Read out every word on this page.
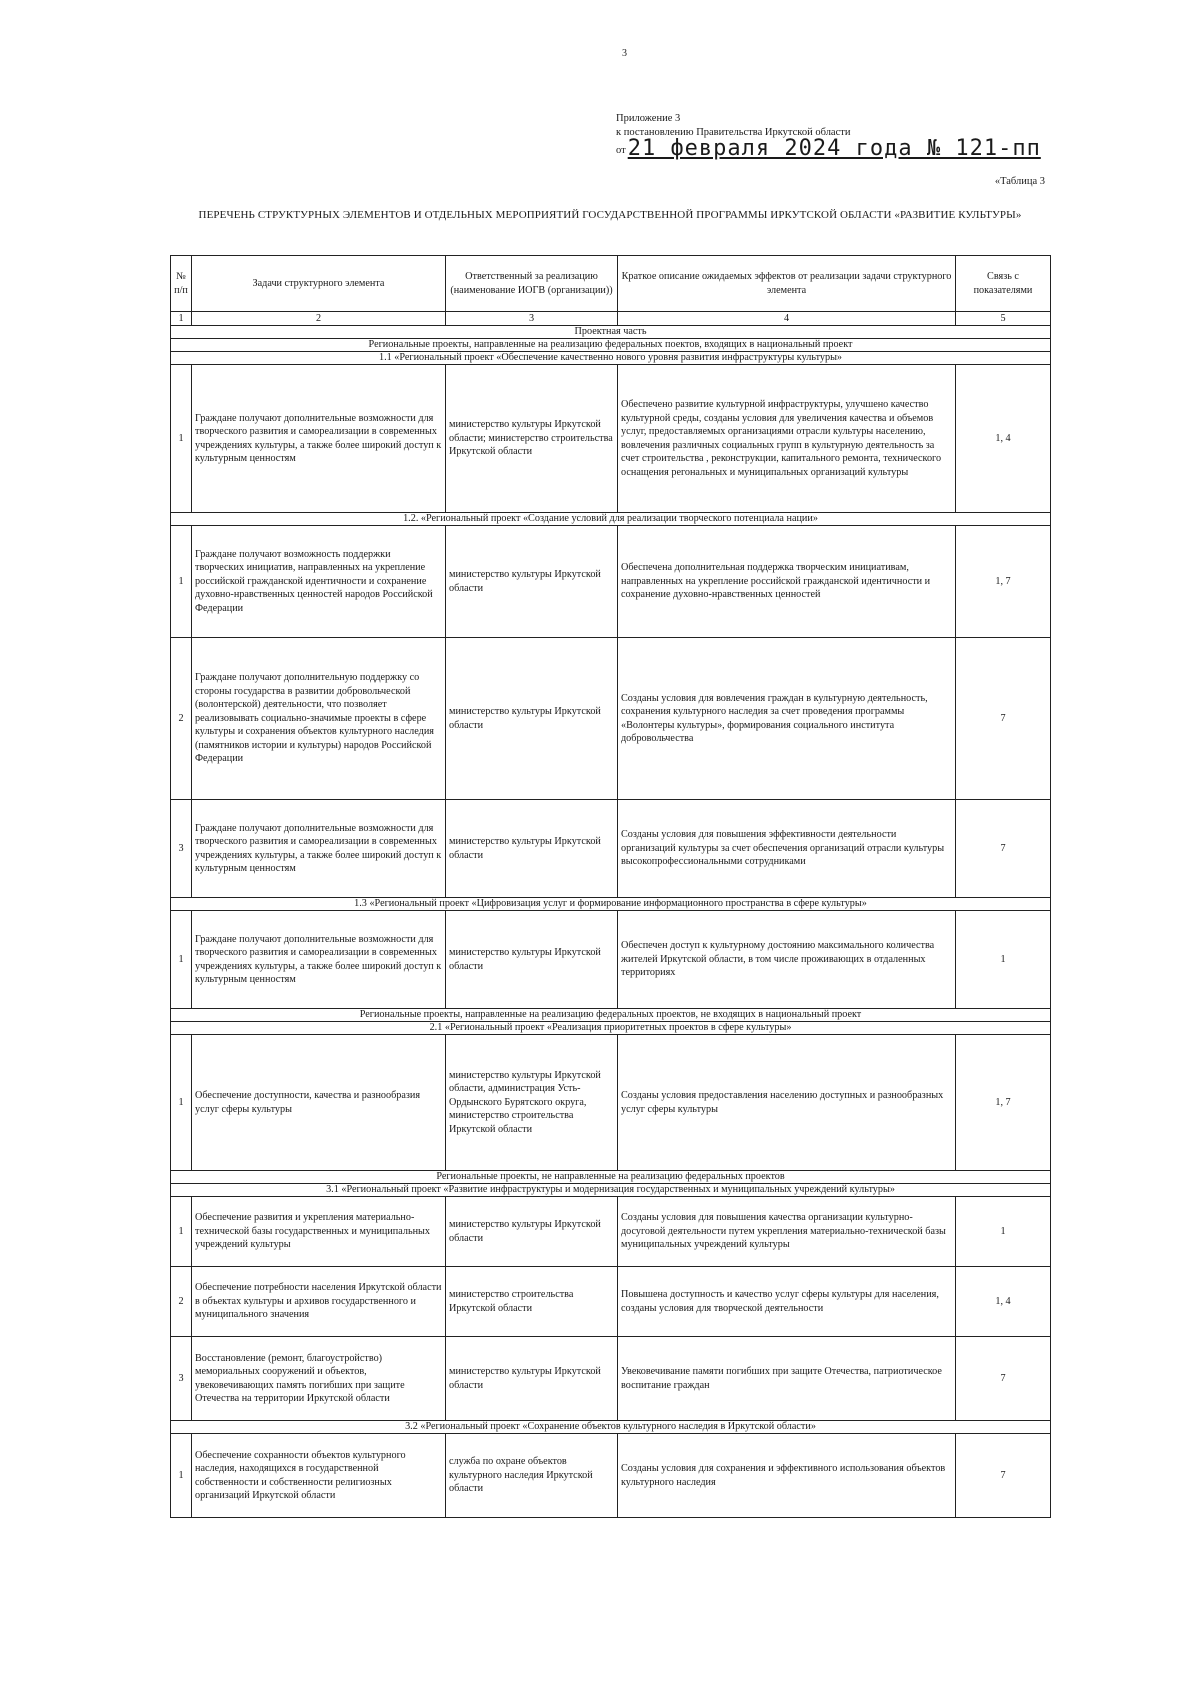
3
Приложение 3
к постановлению Правительства Иркутской области
от21 февраля 2024 года № 121-пп
«Таблица 3
ПЕРЕЧЕНЬ СТРУКТУРНЫХ ЭЛЕМЕНТОВ И ОТДЕЛЬНЫХ МЕРОПРИЯТИЙ ГОСУДАРСТВЕННОЙ ПРОГРАММЫ ИРКУТСКОЙ ОБЛАСТИ «РАЗВИТИЕ КУЛЬТУРЫ»
№ п/п	Задачи структурного элемента	Ответственный за реализацию (наименование ИОГВ (организации))	Краткое описание ожидаемых эффектов от реализации задачи структурного элемента	Связь с показателями
1	2	3	4	5
Проектная часть				
Региональные проекты, направленные на реализацию федеральных поектов, входящих в национальный проект				
1.1 «Региональный проект «Обеспечение качественно нового уровня развития инфраструктуры культуры»				
1	Граждане получают дополнительные возможности для творческого развития и самореализации в современных учреждениях культуры, а также более широкий доступ к культурным ценностям	министерство культуры Иркутской области; министерство строительства Иркутской области	Обеспечено развитие культурной инфраструктуры, улучшено качество культурной среды, созданы условия для увеличения качества и объемов услуг, предоставляемых организациями отрасли культуры населению, вовлечения различных социальных групп в культурную деятельность за счет строительства , реконструкции, капитального ремонта, технического оснащения регональных и муниципальных организаций культуры	1, 4
1.2. «Региональный проект «Создание условий для реализации творческого потенциала нации»				
1	Граждане получают возможность поддержки творческих инициатив, направленных на укрепление российской гражданской идентичности и сохранение духовно-нравственных ценностей народов Российской Федерации	министерство культуры Иркутской области	Обеспечена дополнительная поддержка творческим инициативам, направленных на укрепление российской гражданской идентичности и сохранение духовно-нравственных ценностей	1, 7
2	Граждане получают дополнительную поддержку со стороны государства в развитии добровольческой (волонтерской) деятельности, что позволяет реализовывать социально-значимые проекты в сфере культуры и сохранения объектов культурного наследия (памятников истории и культуры) народов Российской Федерации	министерство культуры Иркутской области	Созданы условия для вовлечения граждан в культурную деятельность, сохранения культурного наследия за счет проведения программы «Волонтеры культуры», формирования социального института добровольчества	7
3	Граждане получают дополнительные возможности для творческого развития и самореализации в современных учреждениях культуры, а также более широкий доступ к культурным ценностям	министерство культуры Иркутской области	Созданы условия для повышения эффективности деятельности организаций культуры за счет обеспечения организаций отрасли культуры высокопрофессиональными сотрудниками	7
1.3 «Региональный проект «Цифровизация услуг и формирование информационного пространства в сфере культуры»				
1	Граждане получают дополнительные возможности для творческого развития и самореализации в современных учреждениях культуры, а также более широкий доступ к культурным ценностям	министерство культуры Иркутской области	Обеспечен доступ к культурному достоянию максимального количества жителей Иркутской области, в том числе проживающих в отдаленных территориях	1
Региональные проекты, направленные на реализацию федеральных проектов, не входящих в национальный проект				
2.1 «Региональный проект «Реализация приоритетных проектов в сфере культуры»				
1	Обеспечение доступности, качества и разнообразия услуг сферы культуры	министерство культуры Иркутской области, администрация Усть-Ордынского Бурятского округа, министерство строительства Иркутской области	Созданы условия предоставления населению доступных и разнообразных услуг сферы культуры	1, 7
Региональные проекты, не направленные на реализацию федеральных проектов				
3.1 «Региональный проект «Развитие инфраструктуры и модернизация государственных и муниципальных учреждений культуры»				
1	Обеспечение развития и укрепления материально-технической базы государственных и муниципальных учреждений культуры	министерство культуры Иркутской области	Созданы условия для повышения качества организации культурно-досуговой деятельности путем укрепления материально-технической базы муниципальных учреждений культуры	1
2	Обеспечение потребности населения Иркутской области в объектах культуры и архивов государственного и муниципального значения	министерство строительства Иркутской области	Повышена доступность и качество услуг сферы культуры для населения, созданы условия для творческой деятельности	1, 4
3	Восстановление (ремонт, благоустройство) мемориальных сооружений и объектов, увековечивающих память погибших при защите Отечества на территории Иркутской области	министерство культуры Иркутской области	Увековечивание памяти погибших при защите Отечества, патриотическое воспитание граждан	7
3.2 «Региональный проект «Сохранение объектов культурного наследия в Иркутской области»				
1	Обеспечение сохранности объектов культурного наследия, находящихся в государственной собственности и собственности религиозных организаций Иркутской области	служба по охране объектов культурного наследия Иркутской области	Созданы условия для сохранения и эффективного использования объектов культурного наследия	7
